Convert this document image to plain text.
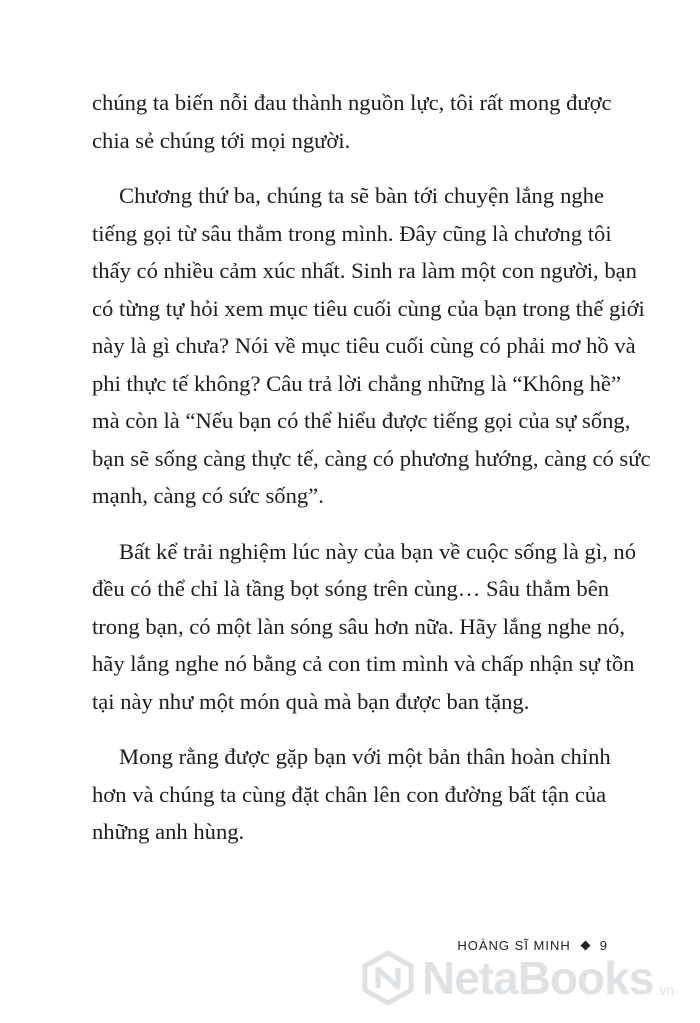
chúng ta biến nỗi đau thành nguồn lực, tôi rất mong được
chia sẻ chúng tới mọi người.

Chương thứ ba, chúng ta sẽ bàn tới chuyện lắng nghe
tiếng gọi từ sâu thẳm trong mình. Đây cũng là chương tôi
thấy có nhiều cảm xúc nhất. Sinh ra làm một con người, bạn
có từng tự hỏi xem mục tiêu cuối cùng của bạn trong thế giới
này là gì chưa? Nói về mục tiêu cuối cùng có phải mơ hồ và
phi thực tế không? Câu trả lời chẳng những là “Không hề”
mà còn là “Nếu bạn có thể hiểu được tiếng gọi của sự sống,
bạn sẽ sống càng thực tế, càng có phương hướng, càng có sức
mạnh, càng có sức sống”.

Bất kể trải nghiệm lúc này của bạn về cuộc sống là gì, nó
đều có thể chỉ là tầng bọt sóng trên cùng… Sâu thẳm bên
trong bạn, có một làn sóng sâu hơn nữa. Hãy lắng nghe nó,
hãy lắng nghe nó bằng cả con tim mình và chấp nhận sự tồn
tại này như một món quà mà bạn được ban tặng.

Mong rằng được gặp bạn với một bản thân hoàn chỉnh
hơn và chúng ta cùng đặt chân lên con đường bất tận của
những anh hùng.

HOÀNG SĨ MINH 9
NetaBooks .vn
